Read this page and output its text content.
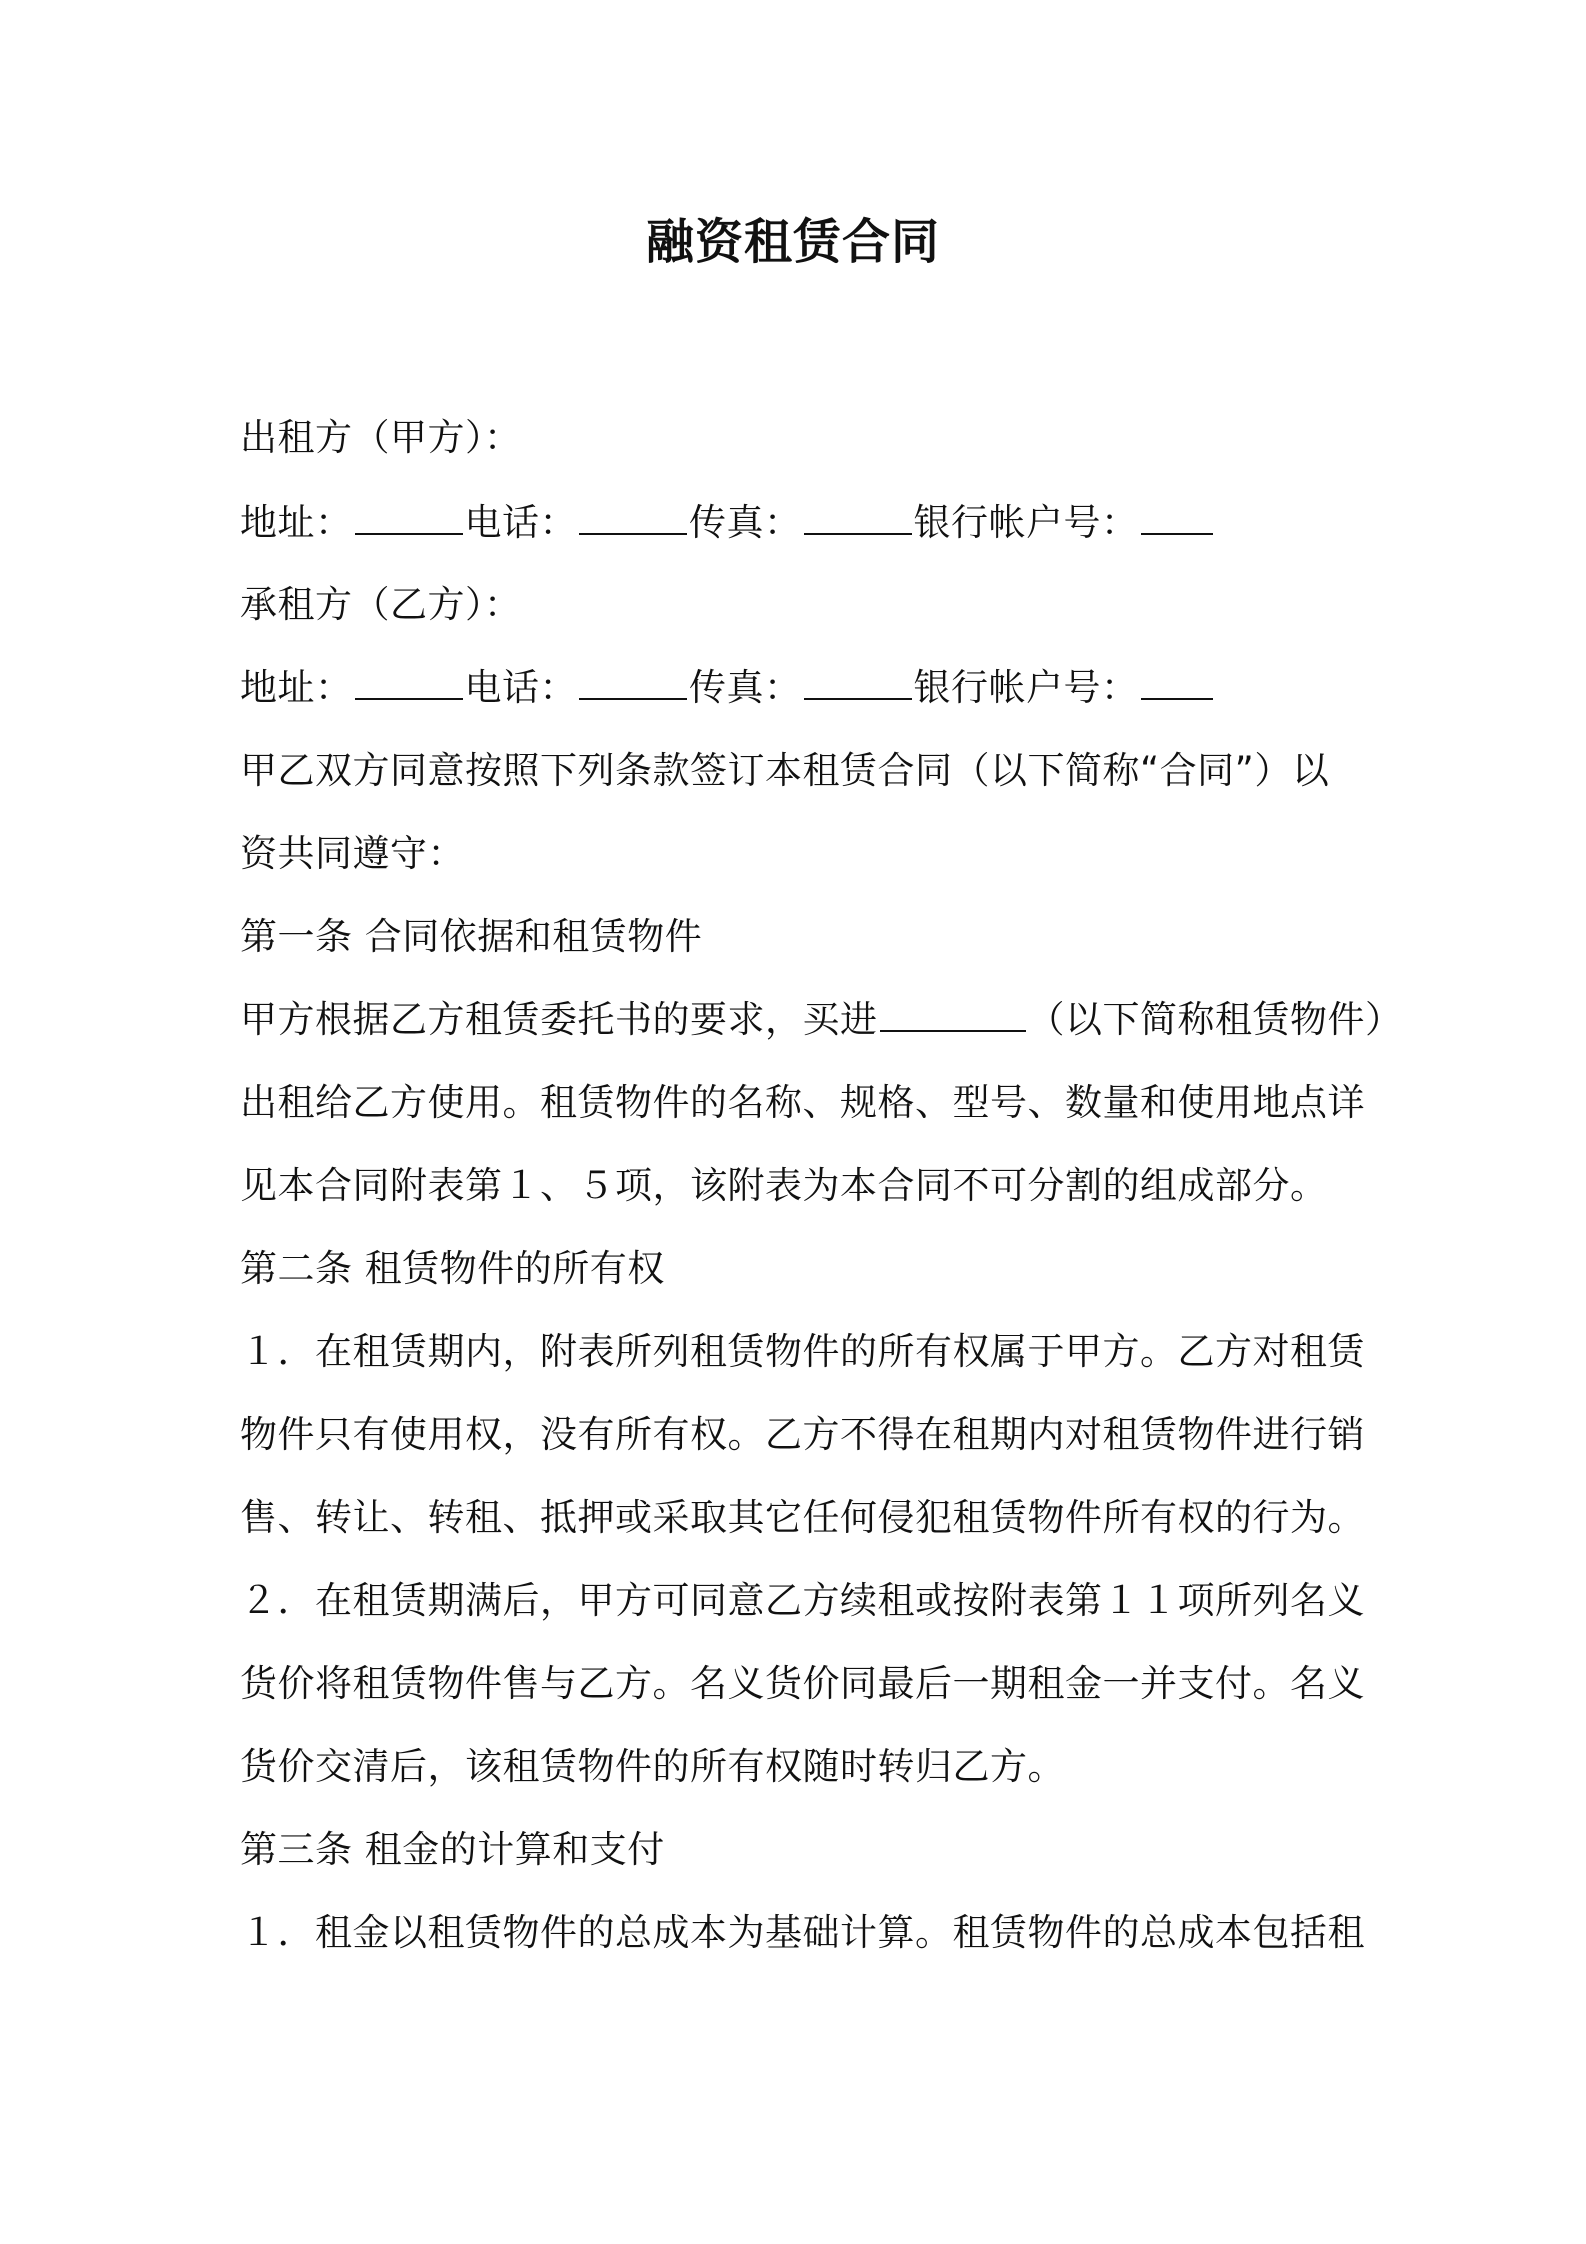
融资租赁合同
出租方（甲方）：
地址：	电话：	传真：	银行帐户号：
承租方（乙方）：
地址：	电话：	传真：	银行帐户号：
甲乙双方同意按照下列条款签订本租赁合同（以下简称“合同”）以
资共同遵守：
第一条 合同依据和租赁物件
甲方根据乙方租赁委托书的要求，买进	（以下简称租赁物件）
出租给乙方使用。租赁物件的名称、规格、型号、数量和使用地点详
见本合同附表第１、５项，该附表为本合同不可分割的组成部分。
第二条 租赁物件的所有权
１．在租赁期内，附表所列租赁物件的所有权属于甲方。乙方对租赁
物件只有使用权，没有所有权。乙方不得在租期内对租赁物件进行销
售、转让、转租、抵押或采取其它任何侵犯租赁物件所有权的行为。
２．在租赁期满后，甲方可同意乙方续租或按附表第１１项所列名义
货价将租赁物件售与乙方。名义货价同最后一期租金一并支付。名义
货价交清后，该租赁物件的所有权随时转归乙方。
第三条 租金的计算和支付
１．租金以租赁物件的总成本为基础计算。租赁物件的总成本包括租
